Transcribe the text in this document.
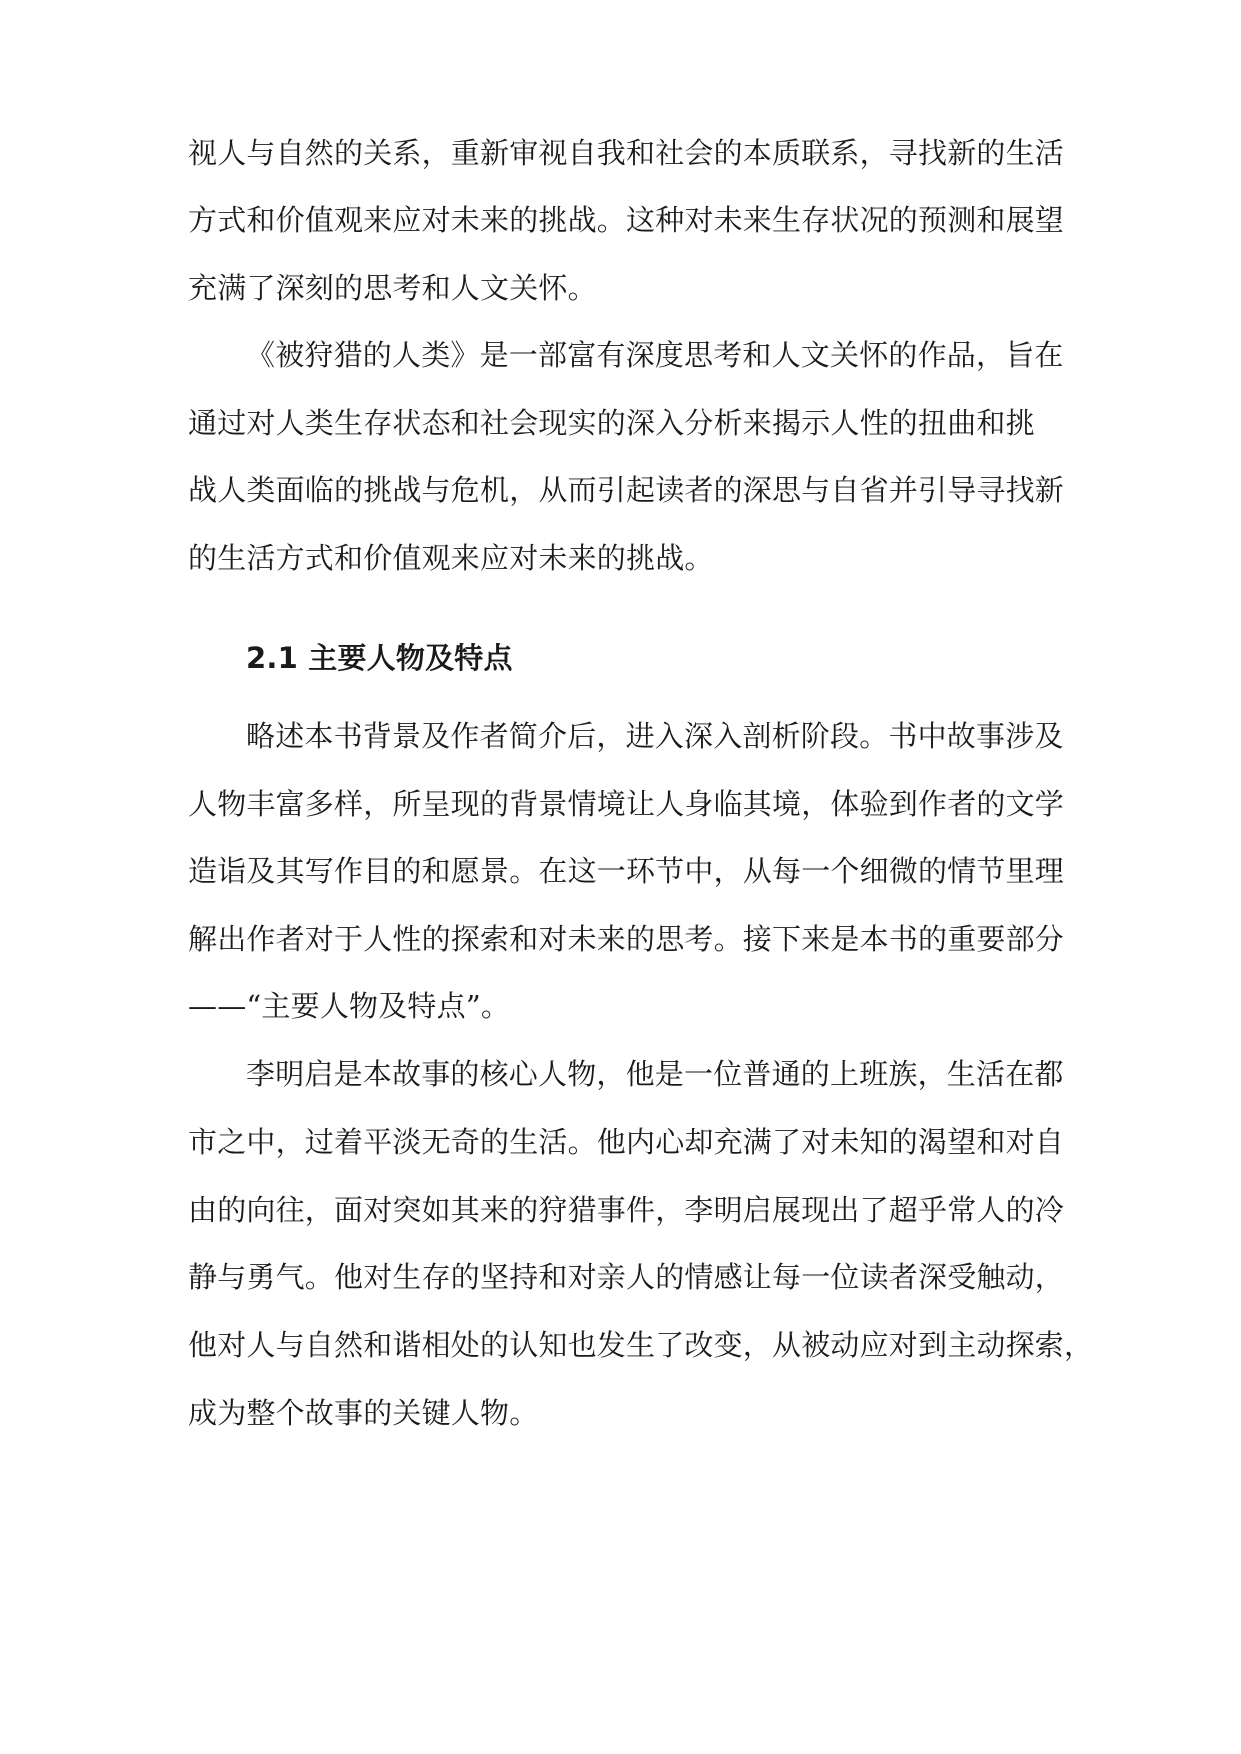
视人与自然的关系，重新审视自我和社会的本质联系，寻找新的生活
方式和价值观来应对未来的挑战。这种对未来生存状况的预测和展望
充满了深刻的思考和人文关怀。
《被狩猎的人类》是一部富有深度思考和人文关怀的作品，旨在
通过对人类生存状态和社会现实的深入分析来揭示人性的扭曲和挑
战人类面临的挑战与危机，从而引起读者的深思与自省并引导寻找新
的生活方式和价值观来应对未来的挑战。
2.1 主要人物及特点
略述本书背景及作者简介后，进入深入剖析阶段。书中故事涉及
人物丰富多样，所呈现的背景情境让人身临其境，体验到作者的文学
造诣及其写作目的和愿景。在这一环节中，从每一个细微的情节里理
解出作者对于人性的探索和对未来的思考。接下来是本书的重要部分
——“主要人物及特点”。
李明启是本故事的核心人物，他是一位普通的上班族，生活在都
市之中，过着平淡无奇的生活。他内心却充满了对未知的渴望和对自
由的向往，面对突如其来的狩猎事件，李明启展现出了超乎常人的冷
静与勇气。他对生存的坚持和对亲人的情感让每一位读者深受触动，
他对人与自然和谐相处的认知也发生了改变，从被动应对到主动探索，
成为整个故事的关键人物。
